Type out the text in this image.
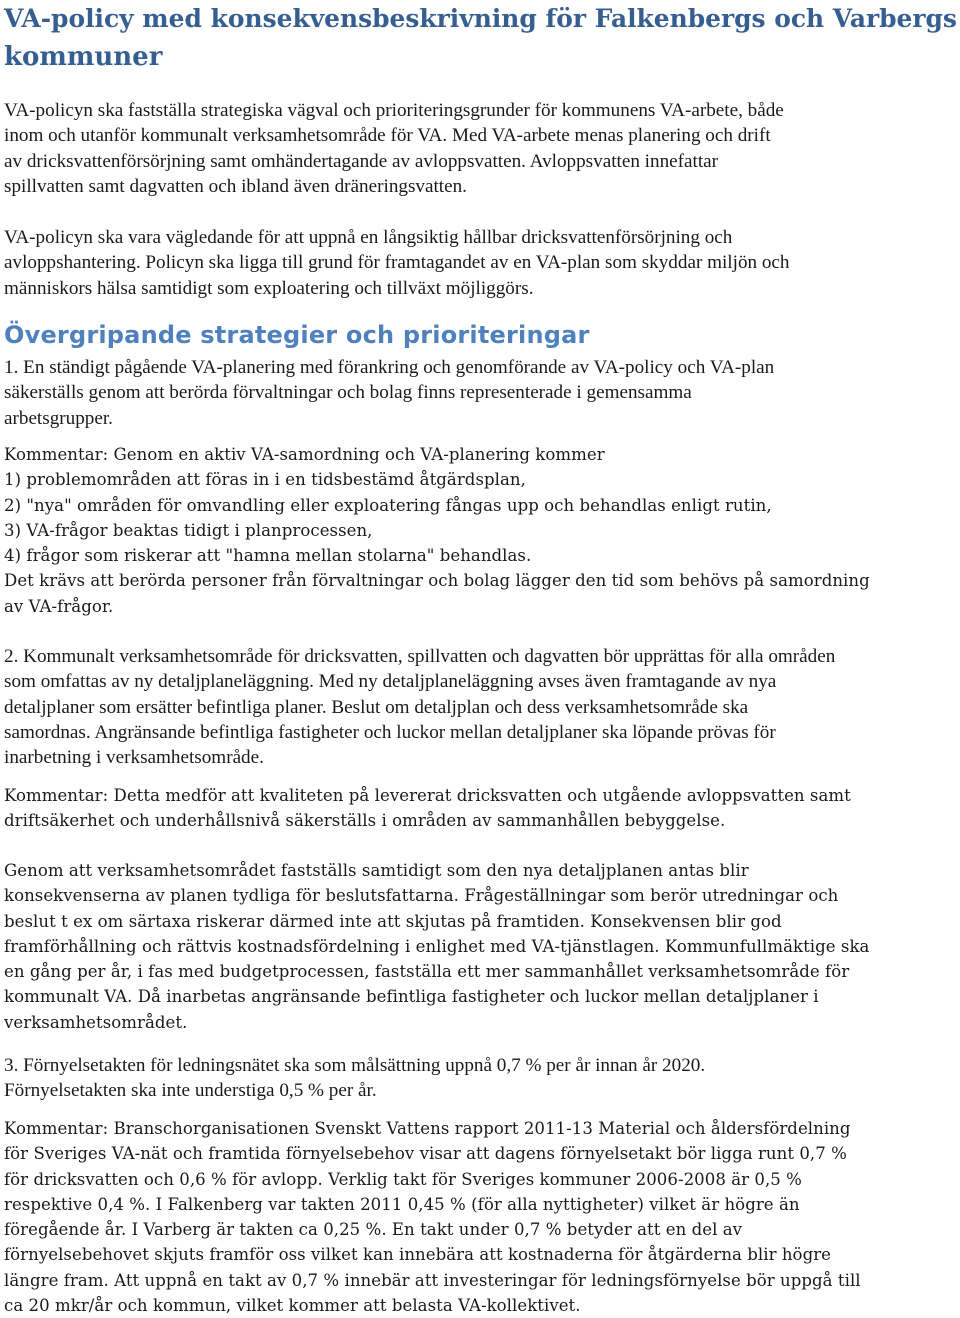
VA-policy med konsekvensbeskrivning för Falkenbergs och Varbergs
kommuner
VA-policyn ska fastställa strategiska vägval och prioriteringsgrunder för kommunens VA-arbete, både
inom och utanför kommunalt verksamhetsområde för VA. Med VA-arbete menas planering och drift
av dricksvattenförsörjning samt omhändertagande av avloppsvatten. Avloppsvatten innefattar
spillvatten samt dagvatten och ibland även dräneringsvatten.
VA-policyn ska vara vägledande för att uppnå en långsiktig hållbar dricksvattenförsörjning och
avloppshantering. Policyn ska ligga till grund för framtagandet av en VA-plan som skyddar miljön och
människors hälsa samtidigt som exploatering och tillväxt möjliggörs.
Övergripande strategier och prioriteringar
1. En ständigt pågående VA-planering med förankring och genomförande av VA-policy och VA-plan
säkerställs genom att berörda förvaltningar och bolag finns representerade i gemensamma
arbetsgrupper.
Kommentar: Genom en aktiv VA-samordning och VA-planering kommer
1) problemområden att föras in i en tidsbestämd åtgärdsplan,
2) "nya" områden för omvandling eller exploatering fångas upp och behandlas enligt rutin,
3) VA-frågor beaktas tidigt i planprocessen,
4) frågor som riskerar att "hamna mellan stolarna" behandlas.
Det krävs att berörda personer från förvaltningar och bolag lägger den tid som behövs på samordning
av VA-frågor.
2. Kommunalt verksamhetsområde för dricksvatten, spillvatten och dagvatten bör upprättas för alla områden
som omfattas av ny detaljplaneläggning. Med ny detaljplaneläggning avses även framtagande av nya
detaljplaner som ersätter befintliga planer. Beslut om detaljplan och dess verksamhetsområde ska
samordnas. Angränsande befintliga fastigheter och luckor mellan detaljplaner ska löpande prövas för
inarbetning i verksamhetsområde.
Kommentar: Detta medför att kvaliteten på levererat dricksvatten och utgående avloppsvatten samt
driftsäkerhet och underhållsnivå säkerställs i områden av sammanhållen bebyggelse.
Genom att verksamhetsområdet fastställs samtidigt som den nya detaljplanen antas blir
konsekvenserna av planen tydliga för beslutsfattarna. Frågeställningar som berör utredningar och
beslut t ex om särtaxa riskerar därmed inte att skjutas på framtiden. Konsekvensen blir god
framförhållning och rättvis kostnadsfördelning i enlighet med VA-tjänstlagen. Kommunfullmäktige ska
en gång per år, i fas med budgetprocessen, fastställa ett mer sammanhållet verksamhetsområde för
kommunalt VA. Då inarbetas angränsande befintliga fastigheter och luckor mellan detaljplaner i
verksamhetsområdet.
3. Förnyelsetakten för ledningsnätet ska som målsättning uppnå 0,7 % per år innan år 2020.
Förnyelsetakten ska inte understiga 0,5 % per år.
Kommentar: Branschorganisationen Svenskt Vattens rapport 2011-13 Material och åldersfördelning
för Sveriges VA-nät och framtida förnyelsebehov visar att dagens förnyelsetakt bör ligga runt 0,7 %
för dricksvatten och 0,6 % för avlopp. Verklig takt för Sveriges kommuner 2006-2008 är 0,5 %
respektive 0,4 %. I Falkenberg var takten 2011 0,45 % (för alla nyttigheter) vilket är högre än
föregående år. I Varberg är takten ca 0,25 %. En takt under 0,7 % betyder att en del av
förnyelsebehovet skjuts framför oss vilket kan innebära att kostnaderna för åtgärderna blir högre
längre fram. Att uppnå en takt av 0,7 % innebär att investeringar för ledningsförnyelse bör uppgå till
ca 20 mkr/år och kommun, vilket kommer att belasta VA-kollektivet.
